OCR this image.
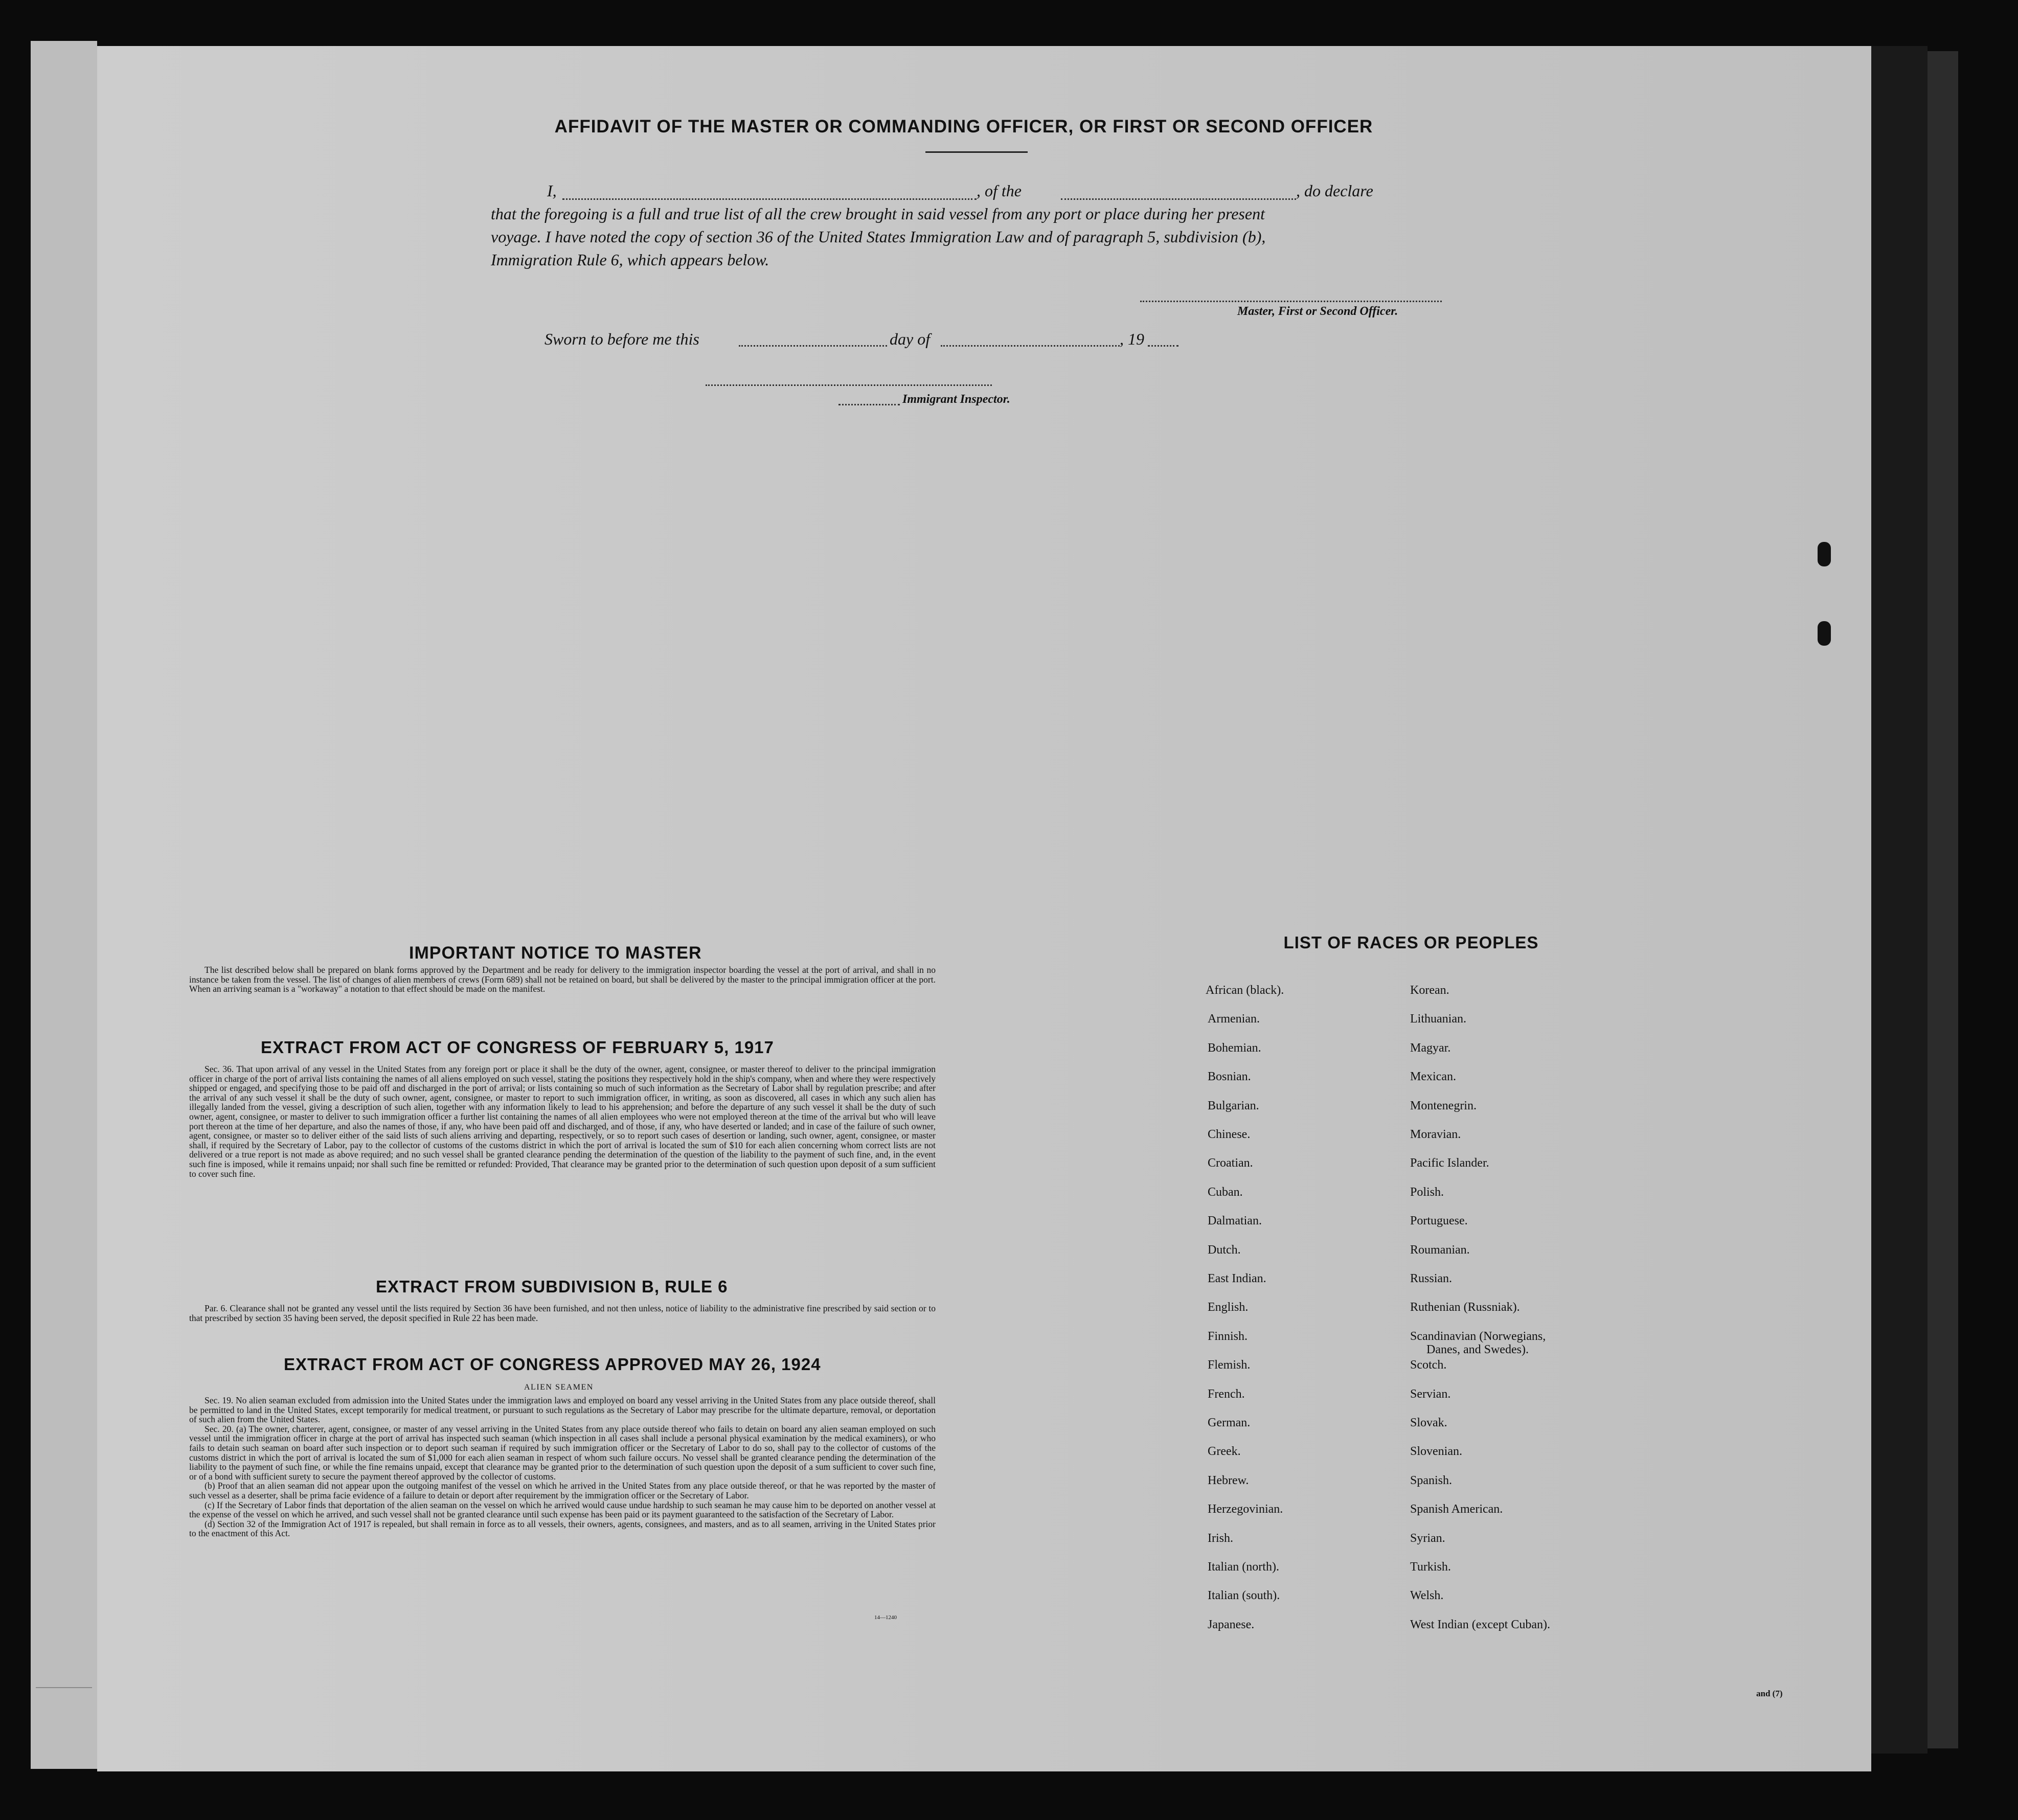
AFFIDAVIT OF THE MASTER OR COMMANDING OFFICER, OR FIRST OR SECOND OFFICER
I,	, of the	, do declare
that the foregoing is a full and true list of all the crew brought in said vessel from any port or place during her present
voyage. I have noted the copy of section 36 of the United States Immigration Law and of paragraph 5, subdivision (b),
Immigration Rule 6, which appears below.
Master, First or Second Officer.
Sworn to before me this	day of	, 19
Immigrant Inspector.
IMPORTANT NOTICE TO MASTER

The list described below shall be prepared on blank forms approved by the Department and be ready for delivery to the immigration inspector boarding the vessel at the port of arrival, and shall in no instance be taken from the vessel. The list of changes of alien members of crews (Form 689) shall not be retained on board, but shall be delivered by the master to the principal immigration officer at the port. When an arriving seaman is a "workaway" a notation to that effect should be made on the manifest.

EXTRACT FROM ACT OF CONGRESS OF FEBRUARY 5, 1917

Sec. 36. That upon arrival of any vessel in the United States from any foreign port or place it shall be the duty of the owner, agent, consignee, or master thereof to deliver to the principal immigration officer in charge of the port of arrival lists containing the names of all aliens employed on such vessel, stating the positions they respectively hold in the ship's company, when and where they were respectively shipped or engaged, and specifying those to be paid off and discharged in the port of arrival; or lists containing so much of such information as the Secretary of Labor shall by regulation prescribe; and after the arrival of any such vessel it shall be the duty of such owner, agent, consignee, or master to report to such immigration officer, in writing, as soon as discovered, all cases in which any such alien has illegally landed from the vessel, giving a description of such alien, together with any information likely to lead to his apprehension; and before the departure of any such vessel it shall be the duty of such owner, agent, consignee, or master to deliver to such immigration officer a further list containing the names of all alien employees who were not employed thereon at the time of the arrival but who will leave port thereon at the time of her departure, and also the names of those, if any, who have been paid off and discharged, and of those, if any, who have deserted or landed; and in case of the failure of such owner, agent, consignee, or master so to deliver either of the said lists of such aliens arriving and departing, respectively, or so to report such cases of desertion or landing, such owner, agent, consignee, or master shall, if required by the Secretary of Labor, pay to the collector of customs of the customs district in which the port of arrival is located the sum of $10 for each alien concerning whom correct lists are not delivered or a true report is not made as above required; and no such vessel shall be granted clearance pending the determination of the question of the liability to the payment of such fine, and, in the event such fine is imposed, while it remains unpaid; nor shall such fine be remitted or refunded: Provided, That clearance may be granted prior to the determination of such question upon deposit of a sum sufficient to cover such fine.

EXTRACT FROM SUBDIVISION B, RULE 6

Par. 6. Clearance shall not be granted any vessel until the lists required by Section 36 have been furnished, and not then unless, notice of liability to the administrative fine prescribed by said section or to that prescribed by section 35 having been served, the deposit specified in Rule 22 has been made.

EXTRACT FROM ACT OF CONGRESS APPROVED MAY 26, 1924
ALIEN SEAMEN

Sec. 19. No alien seaman excluded from admission into the United States under the immigration laws and employed on board any vessel arriving in the United States from any place outside thereof, shall be permitted to land in the United States, except temporarily for medical treatment, or pursuant to such regulations as the Secretary of Labor may prescribe for the ultimate departure, removal, or deportation of such alien from the United States.

Sec. 20. (a) The owner, charterer, agent, consignee, or master of any vessel arriving in the United States from any place outside thereof who fails to detain on board any alien seaman employed on such vessel until the immigration officer in charge at the port of arrival has inspected such seaman (which inspection in all cases shall include a personal physical examination by the medical examiners), or who fails to detain such seaman on board after such inspection or to deport such seaman if required by such immigration officer or the Secretary of Labor to do so, shall pay to the collector of customs of the customs district in which the port of arrival is located the sum of $1,000 for each alien seaman in respect of whom such failure occurs. No vessel shall be granted clearance pending the determination of the liability to the payment of such fine, or while the fine remains unpaid, except that clearance may be granted prior to the determination of such question upon the deposit of a sum sufficient to cover such fine, or of a bond with sufficient surety to secure the payment thereof approved by the collector of customs.

(b) Proof that an alien seaman did not appear upon the outgoing manifest of the vessel on which he arrived in the United States from any place outside thereof, or that he was reported by the master of such vessel as a deserter, shall be prima facie evidence of a failure to detain or deport after requirement by the immigration officer or the Secretary of Labor.

(c) If the Secretary of Labor finds that deportation of the alien seaman on the vessel on which he arrived would cause undue hardship to such seaman he may cause him to be deported on another vessel at the expense of the vessel on which he arrived, and such vessel shall not be granted clearance until such expense has been paid or its payment guaranteed to the satisfaction of the Secretary of Labor.

(d) Section 32 of the Immigration Act of 1917 is repealed, but shall remain in force as to all vessels, their owners, agents, consignees, and masters, and as to all seamen, arriving in the United States prior to the enactment of this Act.

14—1240
LIST OF RACES OR PEOPLES
African (black).
Armenian.
Bohemian.
Bosnian.
Bulgarian.
Chinese.
Croatian.
Cuban.
Dalmatian.
Dutch.
East Indian.
English.
Finnish.
Flemish.
French.
German.
Greek.
Hebrew.
Herzegovinian.
Irish.
Italian (north).
Italian (south).
Japanese.
Korean.
Lithuanian.
Magyar.
Mexican.
Montenegrin.
Moravian.
Pacific Islander.
Polish.
Portuguese.
Roumanian.
Russian.
Ruthenian (Russniak).
Scandinavian (Norwegians,
Danes, and Swedes).
Scotch.
Servian.
Slovak.
Slovenian.
Spanish.
Spanish American.
Syrian.
Turkish.
Welsh.
West Indian (except Cuban).
and (7)
